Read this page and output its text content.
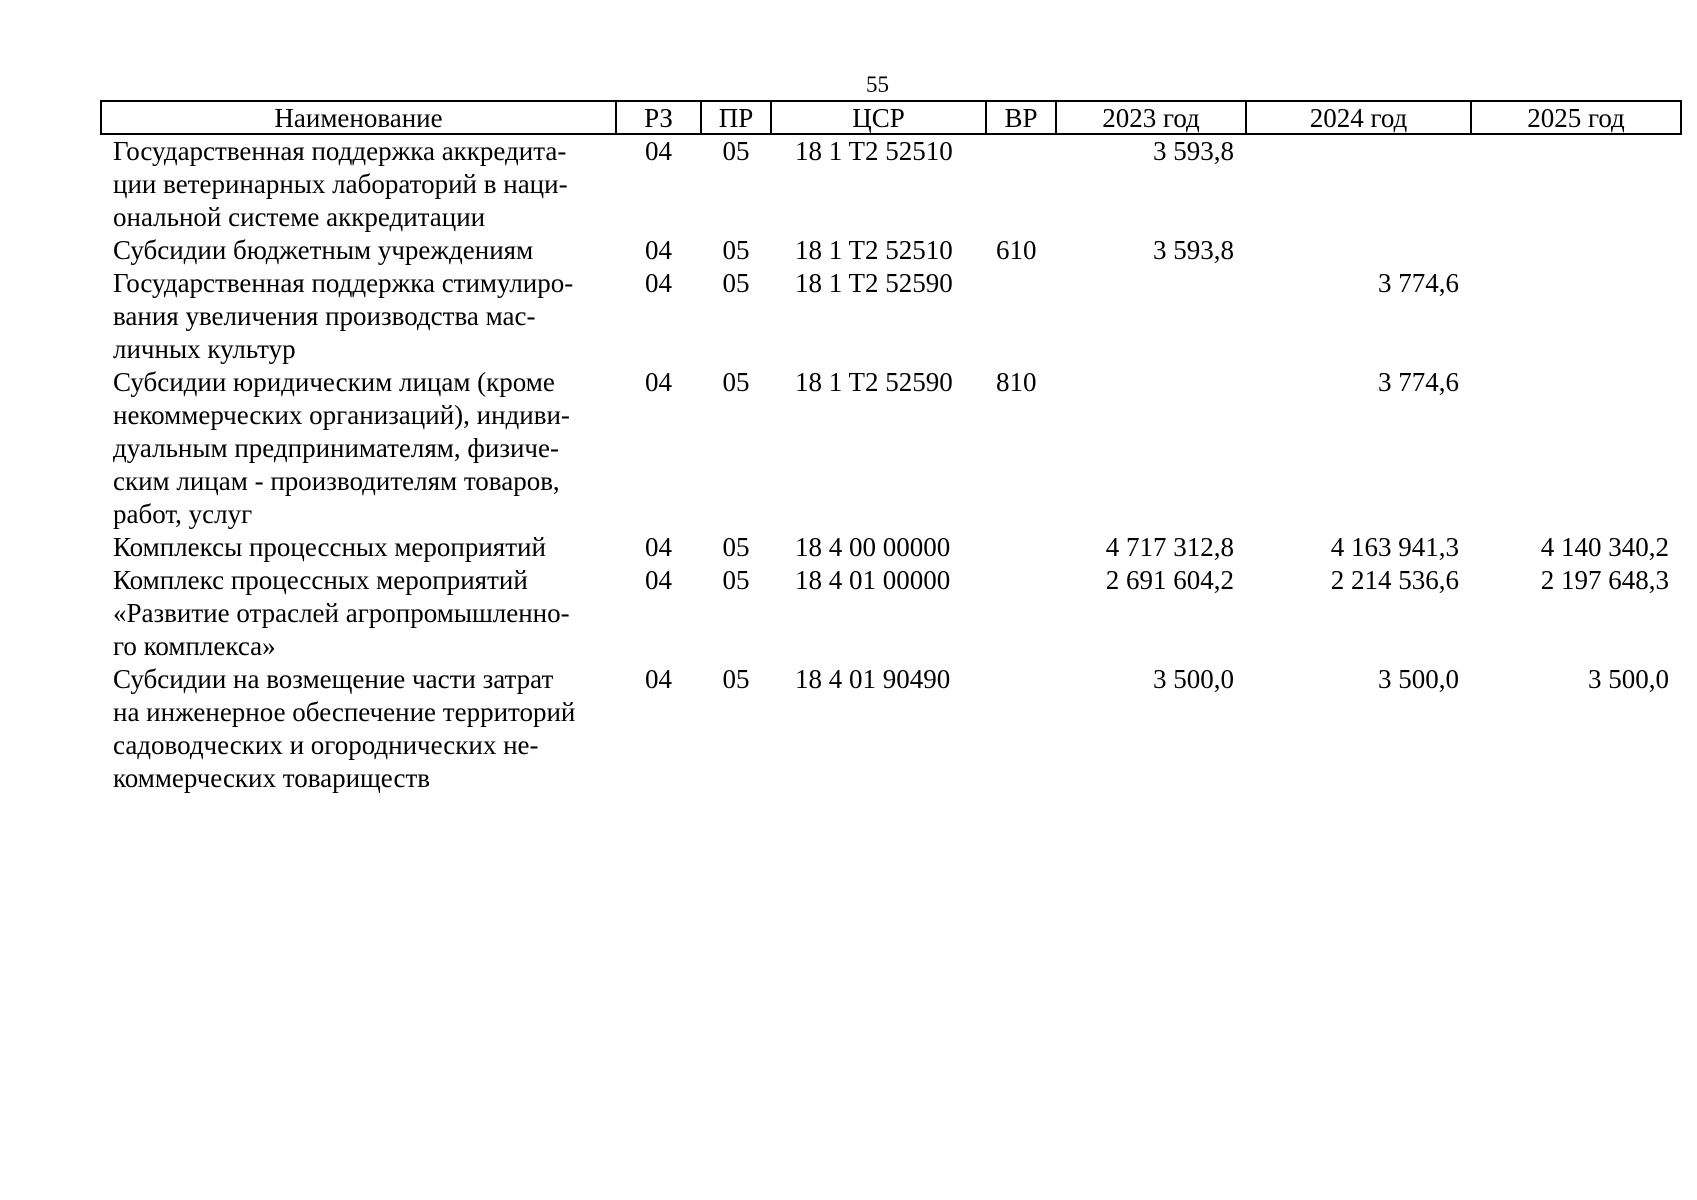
55
Наименование	РЗ	ПР	ЦСР	ВР	2023 год	2024 год	2025 год

Государственная поддержка аккредита-
ции ветеринарных лабораторий в наци-
ональной системе аккредитации	04	05	18 1 T2 52510		3 593,8		

Субсидии бюджетным учреждениям	04	05	18 1 T2 52510	610	3 593,8		

Государственная поддержка стимулиро-
вания увеличения производства мас-
личных культур	04	05	18 1 T2 52590			3 774,6	

Субсидии юридическим лицам (кроме
некоммерческих организаций), индиви-
дуальным предпринимателям, физиче-
ским лицам - производителям товаров,
работ, услуг	04	05	18 1 T2 52590	810		3 774,6	

Комплексы процессных мероприятий	04	05	18 4 00 00000		4 717 312,8	4 163 941,3	4 140 340,2

Комплекс процессных мероприятий
«Развитие отраслей агропромышленно-
го комплекса»	04	05	18 4 01 00000		2 691 604,2	2 214 536,6	2 197 648,3

Субсидии на возмещение части затрат
на инженерное обеспечение территорий
садоводческих и огороднических не-
коммерческих товариществ	04	05	18 4 01 90490		3 500,0	3 500,0	3 500,0
